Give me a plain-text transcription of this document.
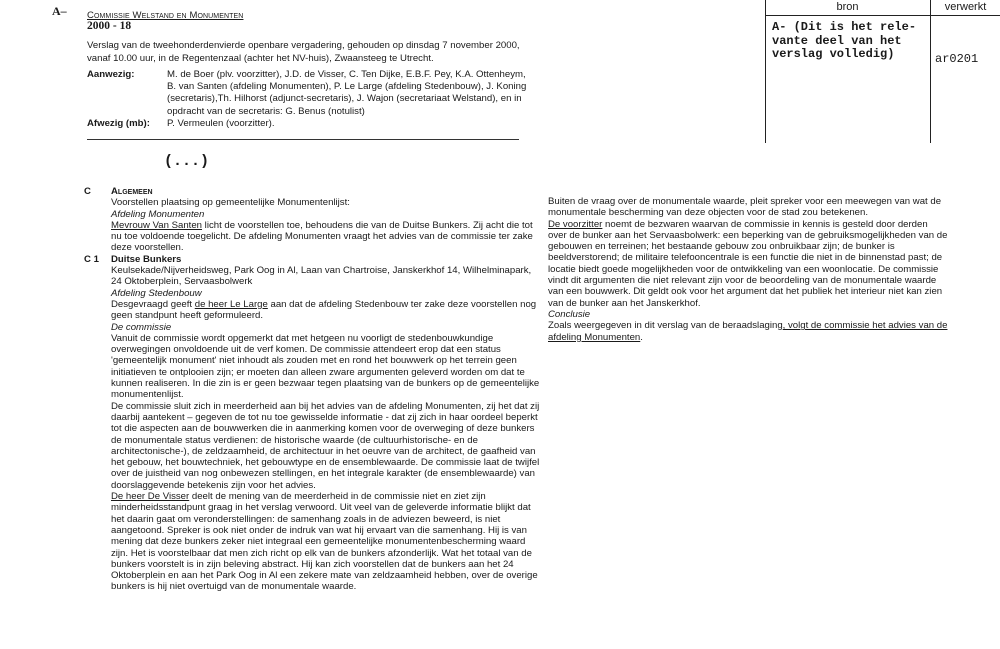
A– Commissie Welstand en Monumenten
2000 - 18
Verslag van de tweehonderdenvierde openbare vergadering, gehouden op dinsdag 7 november 2000, vanaf 10.00 uur, in de Regentenzaal (achter het NV-huis), Zwaansteeg te Utrecht.
Aanwezig:	M. de Boer (plv. voorzitter), J.D. de Visser, C. Ten Dijke, E.B.F. Pey, K.A. Ottenheym, B. van Santen (afdeling Monumenten), P. Le Large (afdeling Stedenbouw), J. Koning (secretaris),Th. Hilhorst (adjunct-secretaris), J. Wajon (secretariaat Welstand), en in opdracht van de secretaris: G. Benus (notulist)
Afwezig (mb):	P. Vermeulen (voorzitter).
(...)
bron	verwerkt
A- (Dit is het rele-
vante deel van het
verslag volledig)	ar0201
C
C 1

Algemeen

Voorstellen plaatsing op gemeentelijke Monumentenlijst:

Afdeling Monumenten

Mevrouw Van Santen licht de voorstellen toe, behoudens die van de Duitse Bunkers. Zij acht die tot nu toe voldoende toegelicht. De afdeling Monumenten vraagt het advies van de commissie ter zake deze voorstellen.

Duitse Bunkers

Keulsekade/Nijverheidsweg, Park Oog in Al, Laan van Chartroise, Janskerkhof 14, Wilhelminapark, 24 Oktoberplein, Servaasbolwerk

Afdeling Stedenbouw

Desgevraagd geeft de heer Le Large aan dat de afdeling Stedenbouw ter zake deze voorstellen nog geen standpunt heeft geformuleerd.

De commissie

Vanuit de commissie wordt opgemerkt dat met hetgeen nu voorligt de stedenbouwkundige overwegingen onvoldoende uit de verf komen. De commissie attendeert erop dat een status 'gemeentelijk monument' niet inhoudt als zouden met en rond het bouwwerk op het terrein geen initiatieven te ontplooien zijn; er moeten dan alleen zware argumenten geleverd worden om dat te kunnen realiseren. In die zin is er geen bezwaar tegen plaatsing van de bunkers op de gemeentelijke monumentenlijst.

De commissie sluit zich in meerderheid aan bij het advies van de afdeling Monumenten, zij het dat zij daarbij aantekent – gegeven de tot nu toe gewisselde informatie - dat zij zich in haar oordeel beperkt tot die aspecten aan de bouwwerken die in aanmerking komen voor de overweging of deze bunkers de monumentale status verdienen: de historische waarde (de cultuurhistorische- en de architectonische-), de zeldzaamheid, de architectuur in het oeuvre van de architect, de gaafheid van het gebouw, het bouwtechniek, het gebouwtype en de ensemblewaarde. De commissie laat de twijfel over de juistheid van nog onbewezen stellingen, en het integrale karakter (de ensemblewaarde) van doorslaggevende betekenis zijn voor het advies.

De heer De Visser deelt de mening van de meerderheid in de commissie niet en ziet zijn minderheidsstandpunt graag in het verslag verwoord. Uit veel van de geleverde informatie blijkt dat het daarin gaat om veronderstellingen: de samenhang zoals in de adviezen beweerd, is niet aangetoond. Spreker is ook niet onder de indruk van wat hij ervaart van die samenhang. Hij is van mening dat deze bunkers zeker niet integraal een gemeentelijke monumentenbescherming waard zijn. Het is voorstelbaar dat men zich richt op elk van de bunkers afzonderlijk. Wat het totaal van de bunkers voorstelt is in zijn beleving abstract. Hij kan zich voorstellen dat de bunkers aan het 24 Oktoberplein en aan het Park Oog in Al een zekere mate van zeldzaamheid hebben, over de overige bunkers is hij niet overtuigd van de monumentale waarde.

Buiten de vraag over de monumentale waarde, pleit spreker voor een meewegen van wat de monumentale bescherming van deze objecten voor de stad zou betekenen.

De voorzitter noemt de bezwaren waarvan de commissie in kennis is gesteld door derden over de bunker aan het Servaasbolwerk: een beperking van de gebruiksmogelijkheden van de gebouwen en terreinen; het bestaande gebouw zou onbruikbaar zijn; de bunker is beeldverstorend; de militaire telefooncentrale is een functie die niet in de binnenstad past; de locatie biedt goede mogelijkheden voor de ontwikkeling van een woonlocatie. De commissie vindt dit argumenten die niet relevant zijn voor de beoordeling van de monumentale waarde van een bouwwerk. Dit geldt ook voor het argument dat het publiek het interieur niet kan zien van de bunker aan het Janskerkhof.

Conclusie

Zoals weergegeven in dit verslag van de beraadslaging, volgt de commissie het advies van de afdeling Monumenten.
